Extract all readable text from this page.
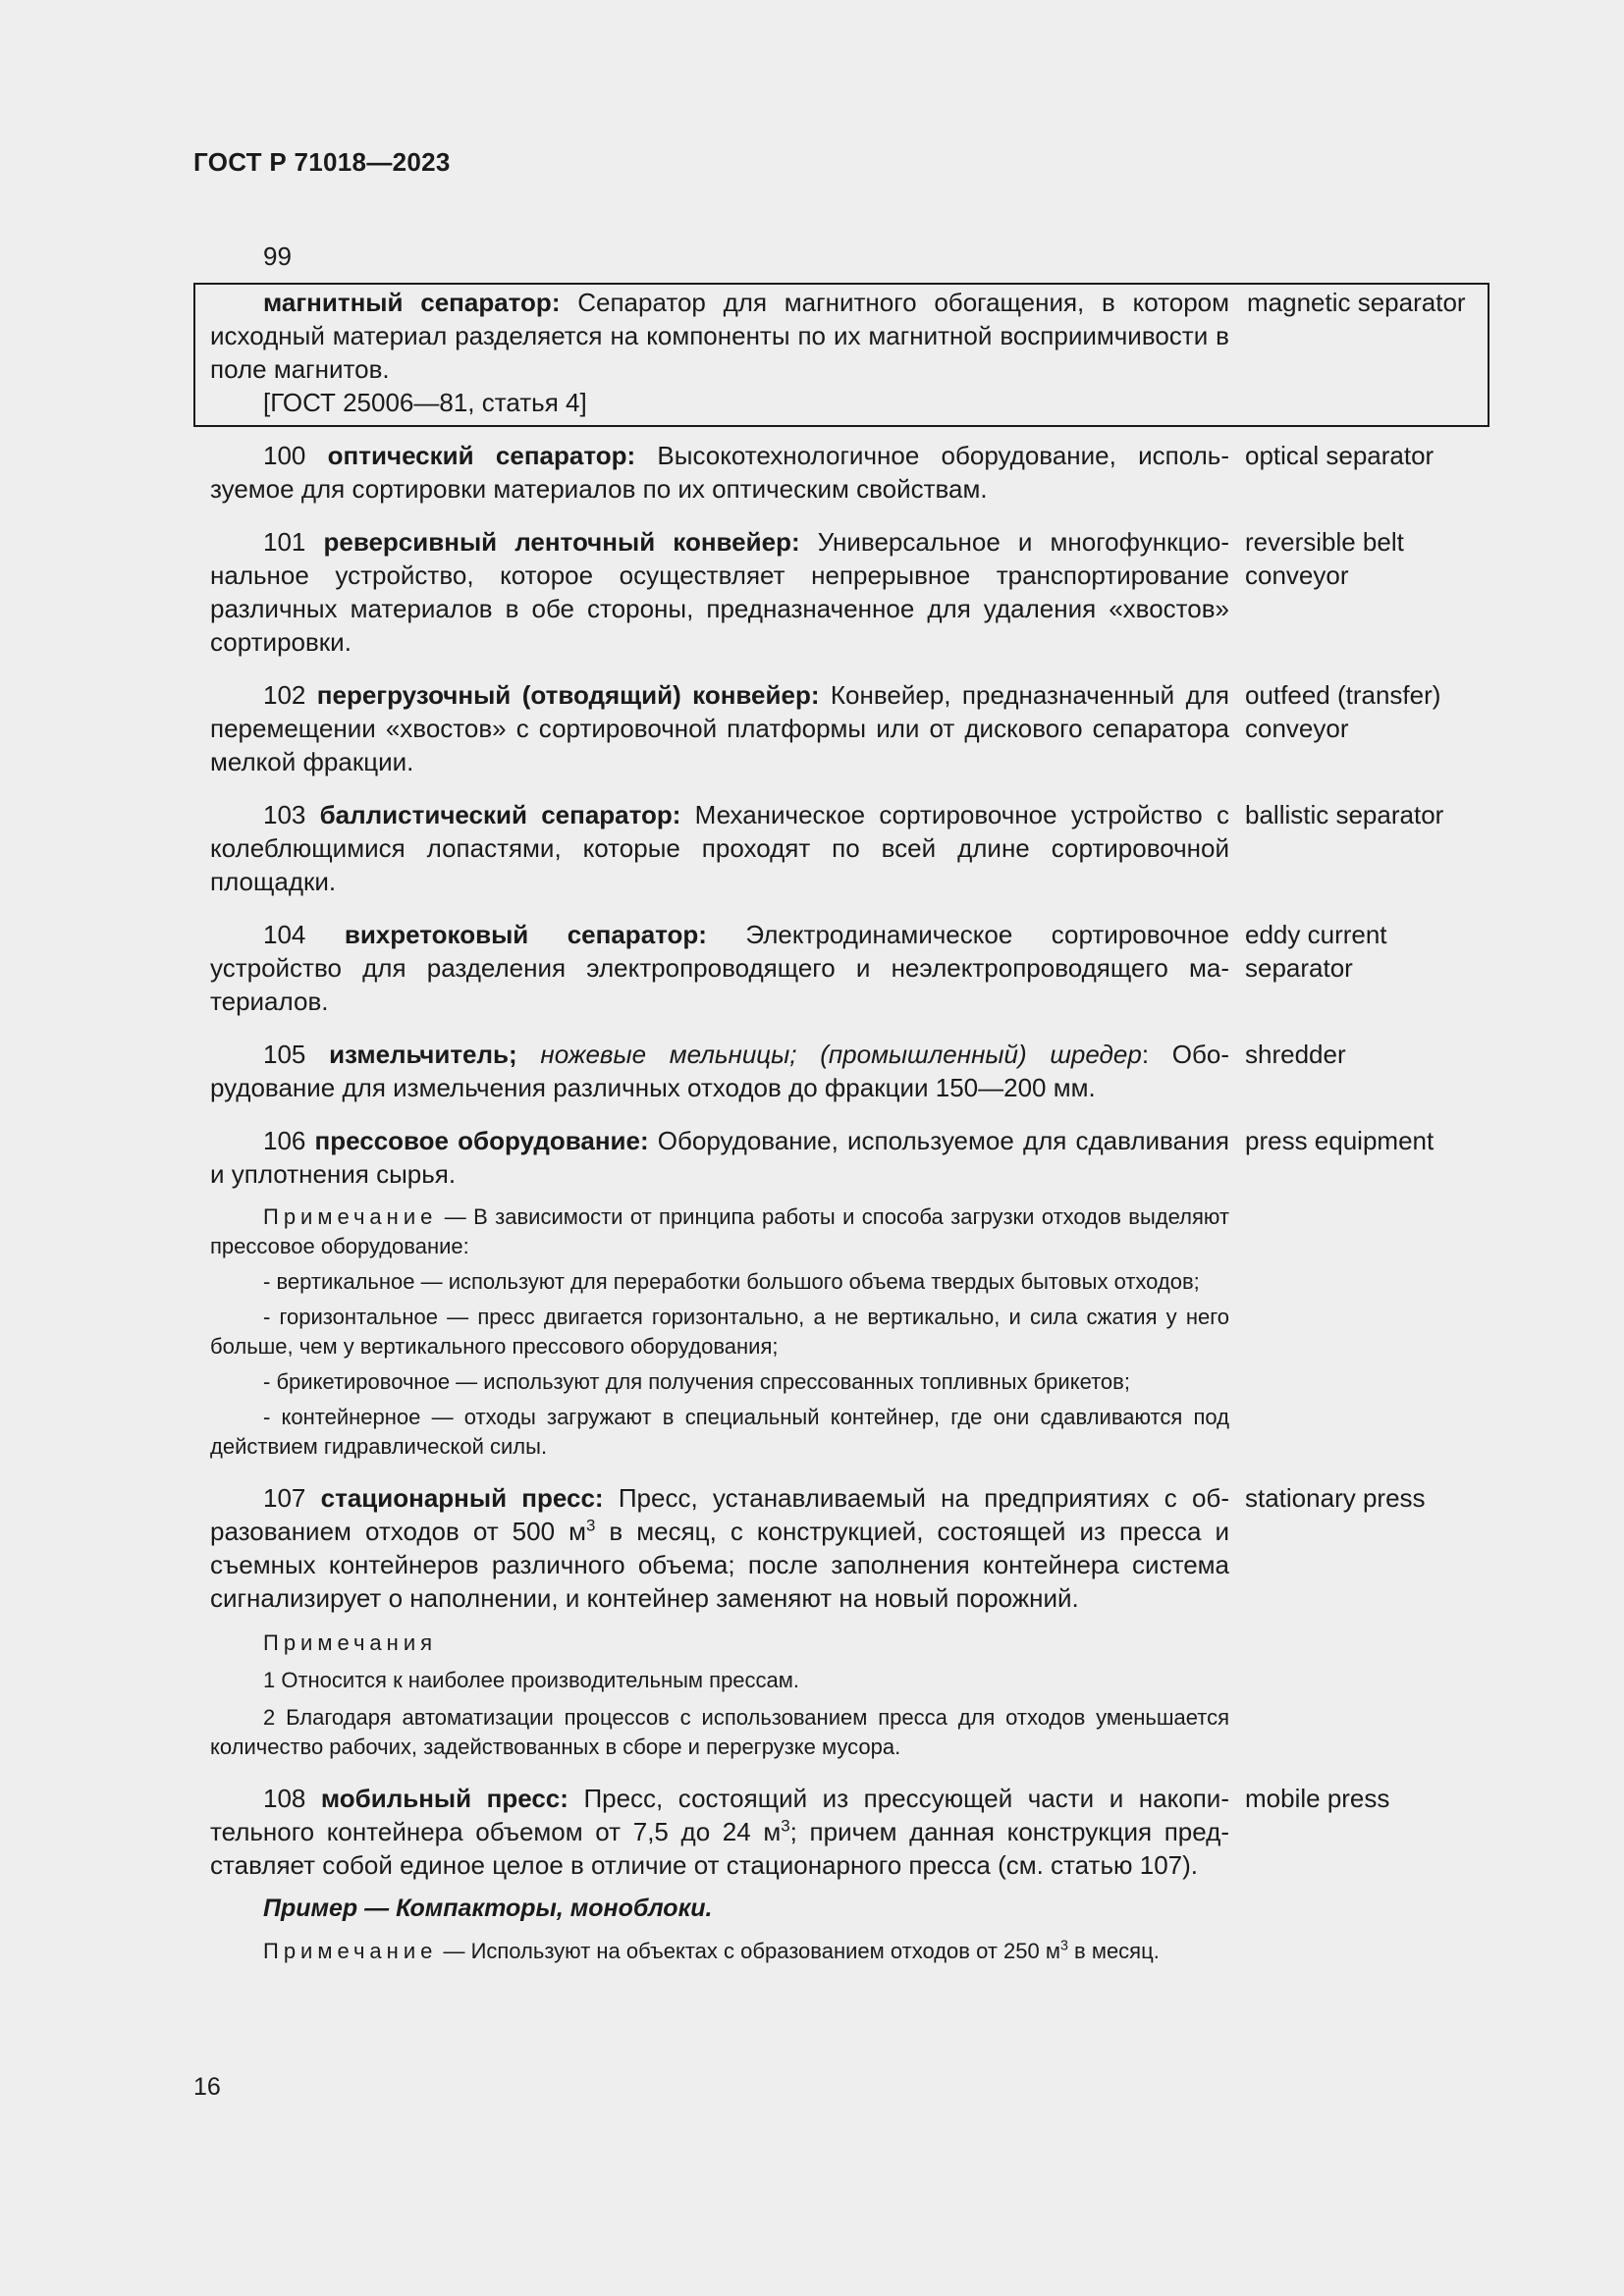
ГОСТ Р 71018—2023
99
магнитный сепаратор: Сепаратор для магнитного обогащения, в котором исходный материал разделяется на компоненты по их магнитной восприимчивости в поле магнитов.
[ГОСТ 25006—81, статья 4]
magnetic separator
100 оптический сепаратор: Высокотехнологичное оборудование, используемое для сортировки материалов по их оптическим свойствам.
optical separator
101 реверсивный ленточный конвейер: Универсальное и многофункциональное устройство, которое осуществляет непрерывное транспортирование различных материалов в обе стороны, предназначенное для удаления «хвостов» сортировки.
reversible belt
conveyor
102 перегрузочный (отводящий) конвейер: Конвейер, предназначенный для перемещении «хвостов» с сортировочной платформы или от дискового сепаратора мелкой фракции.
outfeed (transfer)
conveyor
103 баллистический сепаратор: Механическое сортировочное устройство с колеблющимися лопастями, которые проходят по всей длине сортировочной площадки.
ballistic separator
104 вихретоковый сепаратор: Электродинамическое сортировочное устройство для разделения электропроводящего и неэлектропроводящего материалов.
eddy current
separator
105 измельчитель; ножевые мельницы; (промышленный) шредер: Оборудование для измельчения различных отходов до фракции 150—200 мм.
shredder
106 прессовое оборудование: Оборудование, используемое для сдавливания и уплотнения сырья.
press equipment

Примечание — В зависимости от принципа работы и способа загрузки отходов выделяют прессовое оборудование:

- вертикальное — используют для переработки большого объема твердых бытовых отходов;

- горизонтальное — пресс двигается горизонтально, а не вертикально, и сила сжатия у него больше, чем у вертикального прессового оборудования;

- брикетировочное — используют для получения спрессованных топливных брикетов;

- контейнерное — отходы загружают в специальный контейнер, где они сдавливаются под действием гидравлической силы.

107 стационарный пресс: Пресс, устанавливаемый на предприятиях с образованием отходов от 500 $м^3$ в месяц, с конструкцией, состоящей из пресса и съемных контейнеров различного объема; после заполнения контейнера система сигнализирует о наполнении, и контейнер заменяют на новый порожний.
stationary press
Примечания

1 Относится к наиболее производительным прессам.

2 Благодаря автоматизации процессов с использованием пресса для отходов уменьшается количество рабочих, задействованных в сборе и перегрузке мусора.

108 мобильный пресс: Пресс, состоящий из прессующей части и накопительного контейнера объемом от 7,5 до 24 $м^3$; причем данная конструкция представляет собой единое целое в отличие от стационарного пресса (см. статью 107).
mobile press
Пример — Компакторы, моноблоки.

Примечание — Используют на объектах с образованием отходов от 250 $м^3$ в месяц.

16
